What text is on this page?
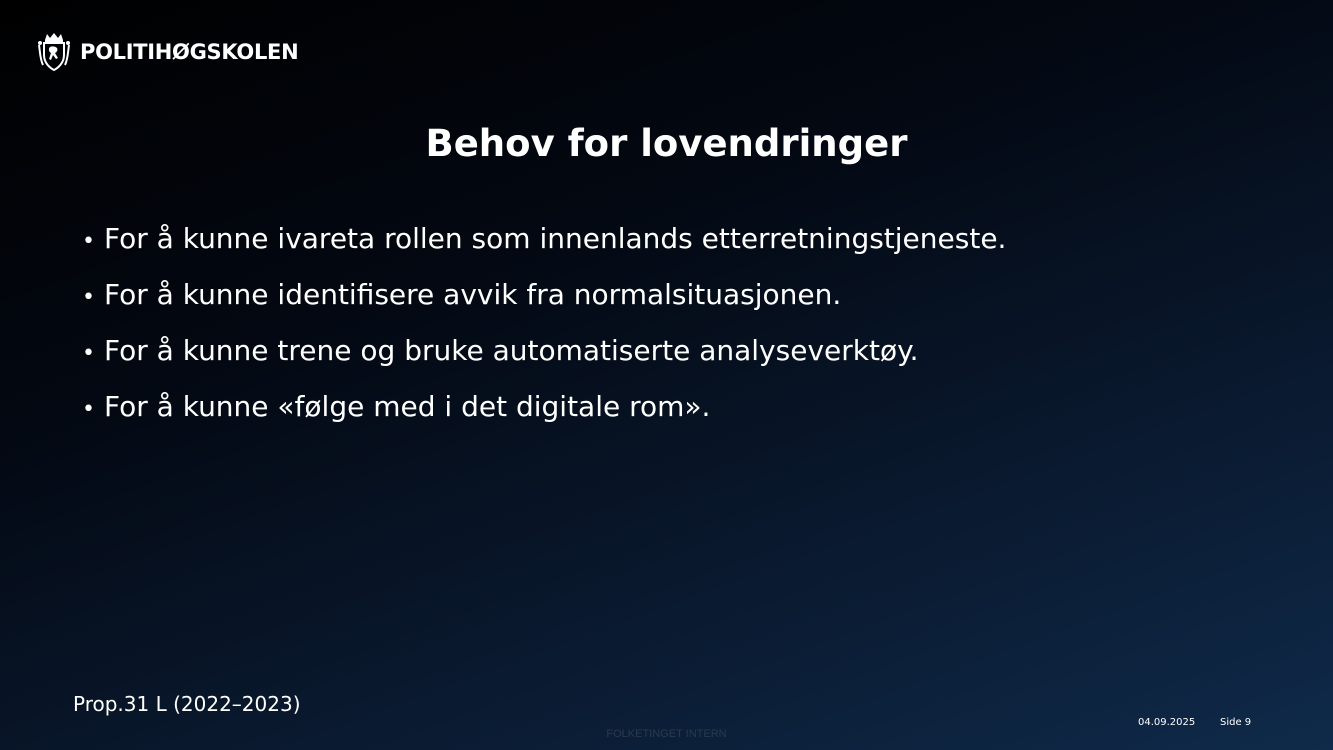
POLITIHØGSKOLEN
Behov for lovendringer
• For å kunne ivareta rollen som innenlands etterretningstjeneste.
• For å kunne identifisere avvik fra normalsituasjonen.
• For å kunne trene og bruke automatiserte analyseverktøy.
• For å kunne «følge med i det digitale rom».
Prop.31 L (2022–2023)
04.09.2025 Side 9
FOLKETINGET INTERN
